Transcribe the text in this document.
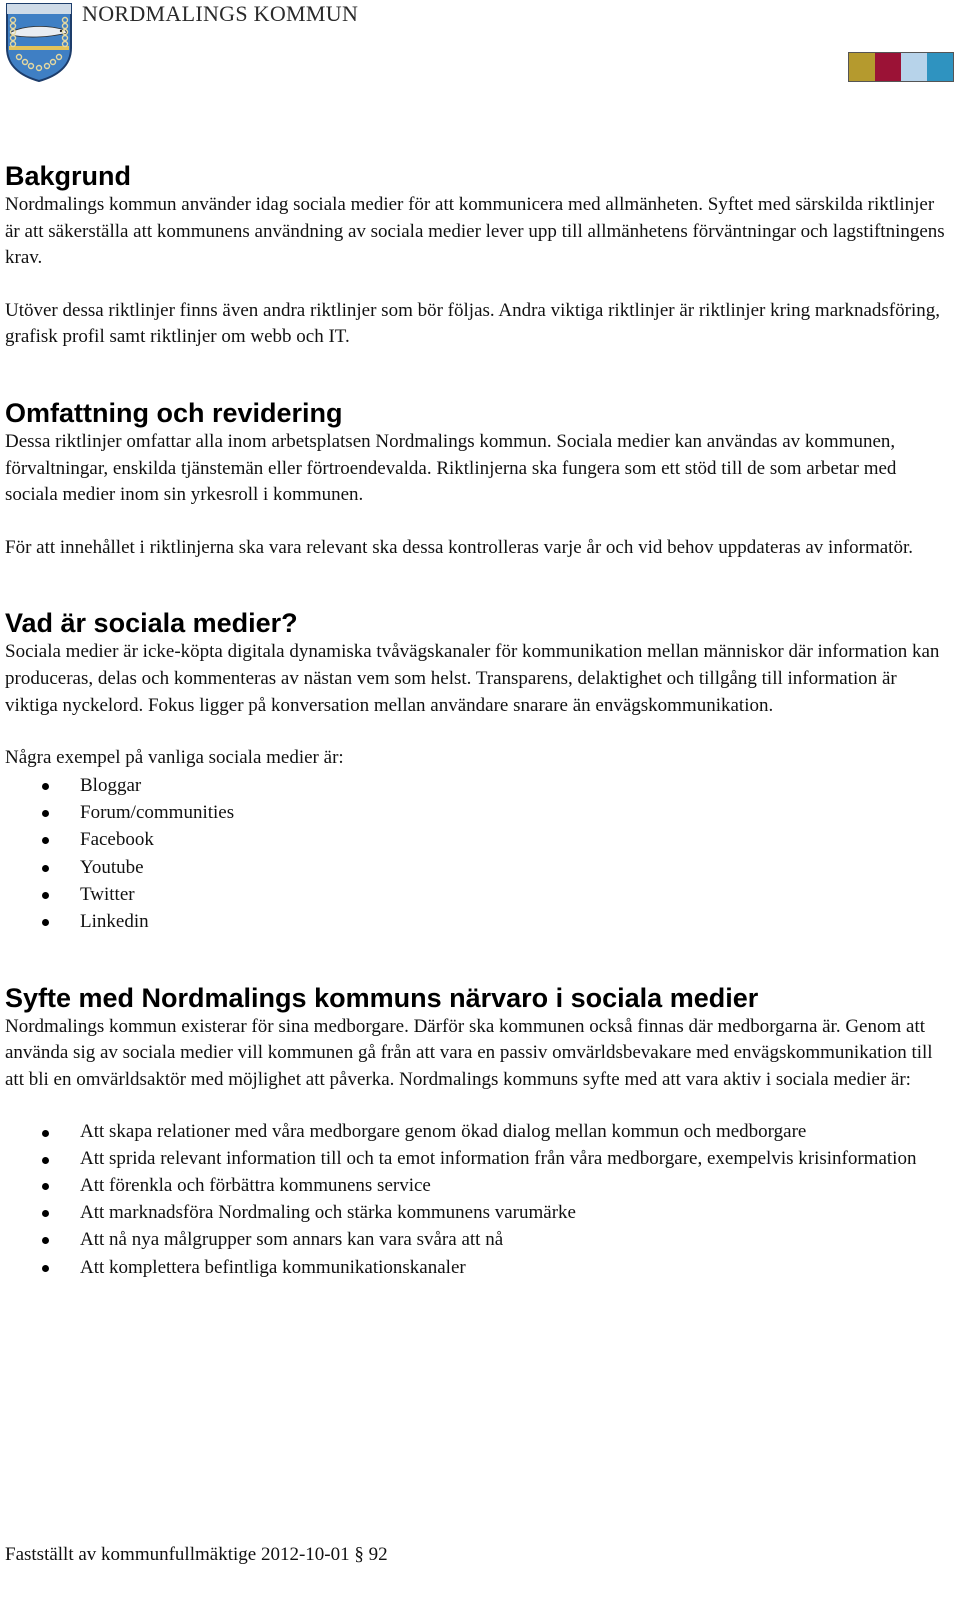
NORDMALINGS KOMMUN
Bakgrund

Nordmalings kommun använder idag sociala medier för att kommunicera med allmänheten. Syftet med särskilda riktlinjer är att säkerställa att kommunens användning av sociala medier lever upp till allmänhetens förväntningar och lagstiftningens krav.

Utöver dessa riktlinjer finns även andra riktlinjer som bör följas. Andra viktiga riktlinjer är riktlinjer kring marknadsföring, grafisk profil samt riktlinjer om webb och IT.

Omfattning och revidering

Dessa riktlinjer omfattar alla inom arbetsplatsen Nordmalings kommun. Sociala medier kan användas av kommunen, förvaltningar, enskilda tjänstemän eller förtroendevalda. Riktlinjerna ska fungera som ett stöd till de som arbetar med sociala medier inom sin yrkesroll i kommunen.

För att innehållet i riktlinjerna ska vara relevant ska dessa kontrolleras varje år och vid behov uppdateras av informatör.

Vad är sociala medier?

Sociala medier är icke-köpta digitala dynamiska tvåvägskanaler för kommunikation mellan människor där information kan produceras, delas och kommenteras av nästan vem som helst. Transparens, delaktighet och tillgång till information är viktiga nyckelord. Fokus ligger på konversation mellan användare snarare än envägskommunikation.

Några exempel på vanliga sociala medier är:

Bloggar
Forum/communities
Facebook
Youtube
Twitter
Linkedin
Syfte med Nordmalings kommuns närvaro i sociala medier

Nordmalings kommun existerar för sina medborgare. Därför ska kommunen också finnas där medborgarna är. Genom att använda sig av sociala medier vill kommunen gå från att vara en passiv omvärldsbevakare med envägskommunikation till att bli en omvärldsaktör med möjlighet att påverka. Nordmalings kommuns syfte med att vara aktiv i sociala medier är:

Att skapa relationer med våra medborgare genom ökad dialog mellan kommun och medborgare
Att sprida relevant information till och ta emot information från våra medborgare, exempelvis krisinformation
Att förenkla och förbättra kommunens service
Att marknadsföra Nordmaling och stärka kommunens varumärke
Att nå nya målgrupper som annars kan vara svåra att nå
Att komplettera befintliga kommunikationskanaler
Fastställt av kommunfullmäktige 2012-10-01 § 92
